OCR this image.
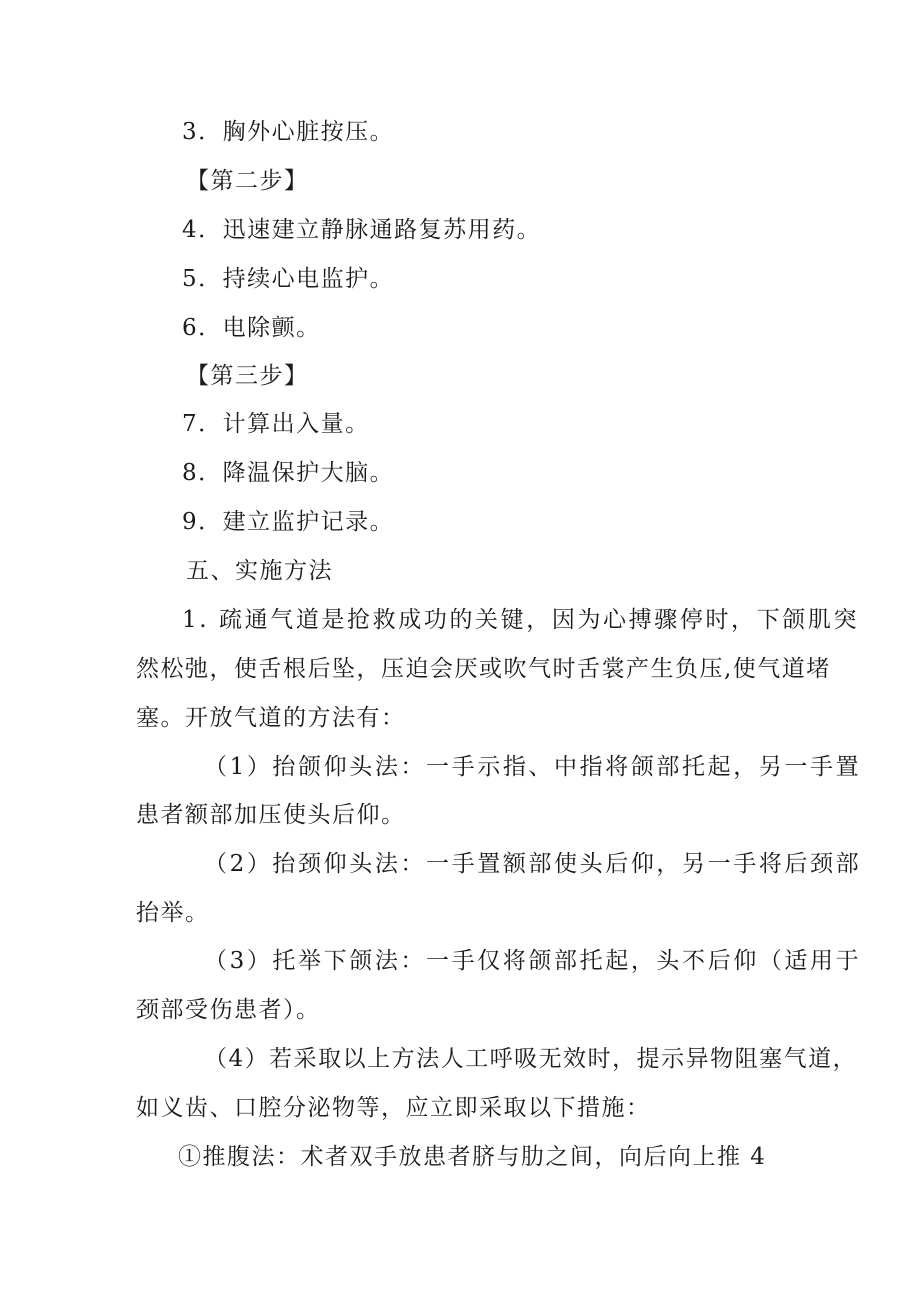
3．胸外心脏按压。
【第二步】
4．迅速建立静脉通路复苏用药。
5．持续心电监护。
6．电除颤。
【第三步】
7．计算出入量。
8．降温保护大脑。
9．建立监护记录。
五、实施方法
1. 疏通气道是抢救成功的关键，因为心搏骤停时，下颌肌突
然松弛，使舌根后坠，压迫会厌或吹气时舌裳产生负压,使气道堵
塞。开放气道的方法有：
（1）抬颌仰头法：一手示指、中指将颌部托起，另一手置
患者额部加压使头后仰。
（2）抬颈仰头法：一手置额部使头后仰，另一手将后颈部
抬举。
（3）托举下颌法：一手仅将颌部托起，头不后仰（适用于
颈部受伤患者）。
（4）若采取以上方法人工呼吸无效时，提示异物阻塞气道，
如义齿、口腔分泌物等，应立即采取以下措施：
①推腹法：术者双手放患者脐与肋之间，向后向上推 4
